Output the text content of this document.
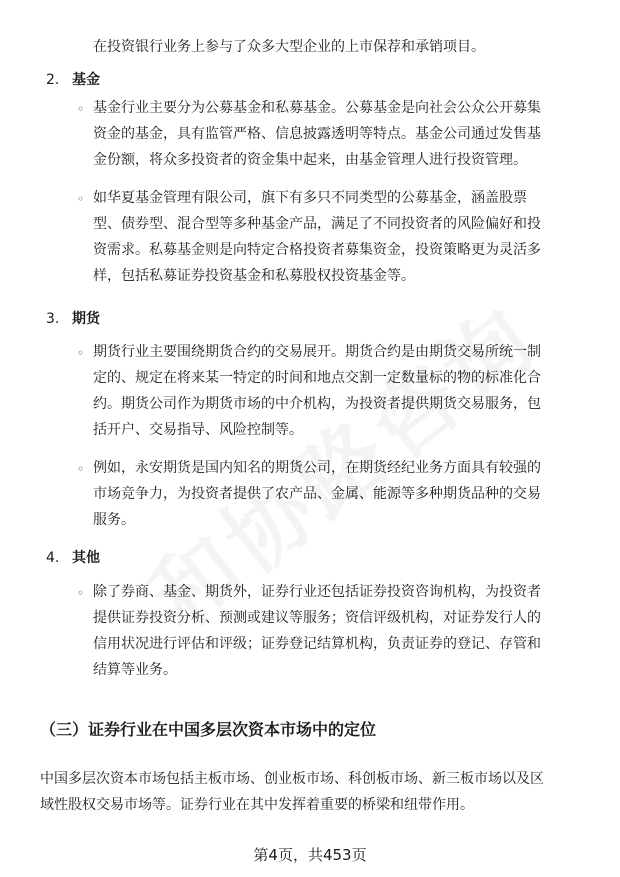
在投资银行业务上参与了众多大型企业的上市保荐和承销项目。
2. 基金
◦ 基金行业主要分为公募基金和私募基金。公募基金是向社会公众公开募集
资金的基金，具有监管严格、信息披露透明等特点。基金公司通过发售基
金份额，将众多投资者的资金集中起来，由基金管理人进行投资管理。
◦ 如华夏基金管理有限公司，旗下有多只不同类型的公募基金，涵盖股票
型、债券型、混合型等多种基金产品，满足了不同投资者的风险偏好和投
资需求。私募基金则是向特定合格投资者募集资金，投资策略更为灵活多
样，包括私募证券投资基金和私募股权投资基金等。
3. 期货
◦ 期货行业主要围绕期货合约的交易展开。期货合约是由期货交易所统一制
定的、规定在将来某一特定的时间和地点交割一定数量标的物的标准化合
约。期货公司作为期货市场的中介机构，为投资者提供期货交易服务，包
括开户、交易指导、风险控制等。
◦ 例如，永安期货是国内知名的期货公司，在期货经纪业务方面具有较强的
市场竞争力，为投资者提供了农产品、金属、能源等多种期货品种的交易
服务。
4. 其他
◦ 除了券商、基金、期货外，证券行业还包括证券投资咨询机构，为投资者
提供证券投资分析、预测或建议等服务；资信评级机构，对证券发行人的
信用状况进行评估和评级；证券登记结算机构，负责证券的登记、存管和
结算等业务。
（三）证券行业在中国多层次资本市场中的定位
中国多层次资本市场包括主板市场、创业板市场、科创板市场、新三板市场以及区
域性股权交易市场等。证券行业在其中发挥着重要的桥梁和纽带作用。
第4页，共453页
